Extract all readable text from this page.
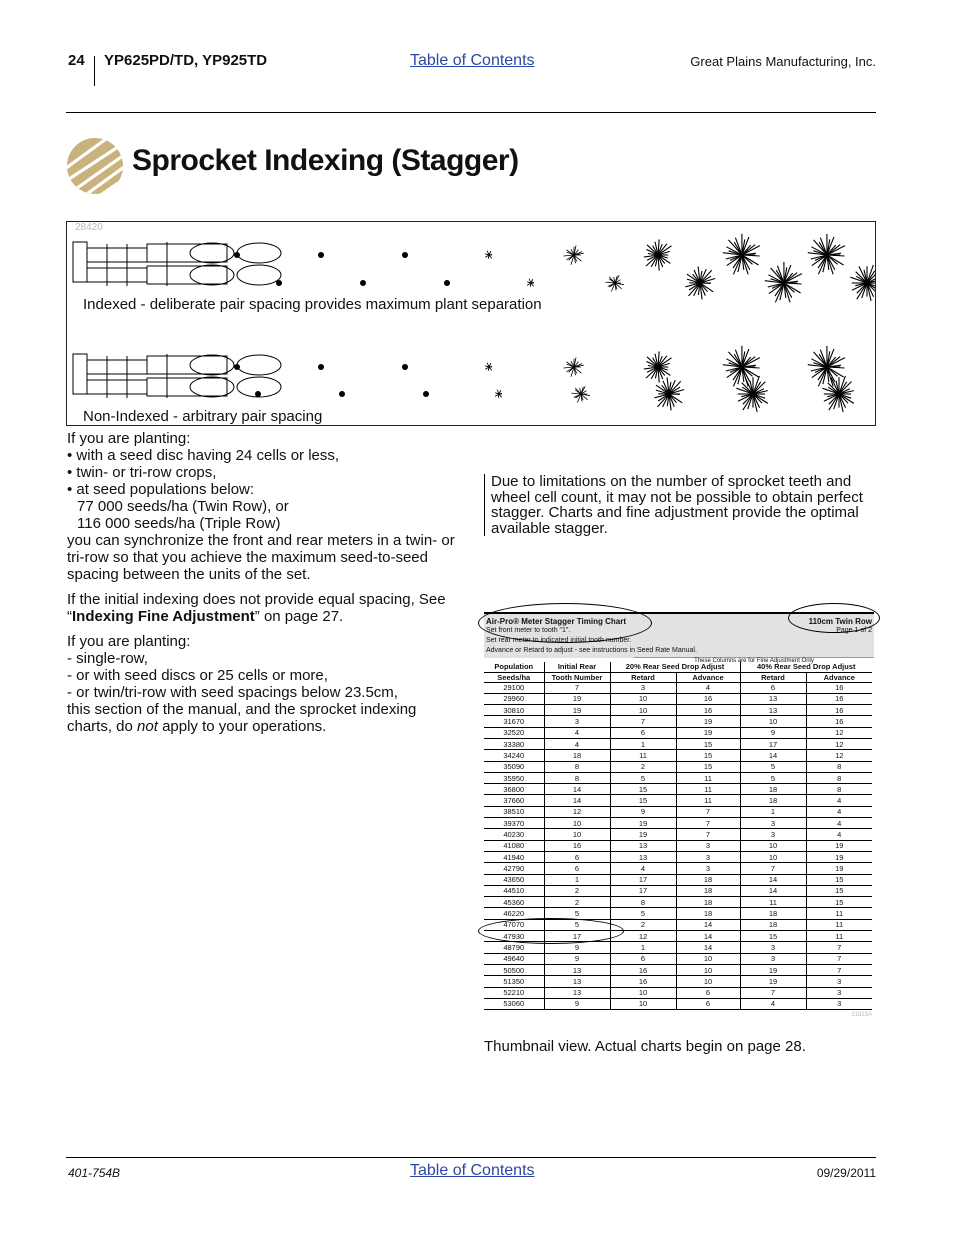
24 YP625PD/TD, YP925TD	Table of Contents	Great Plains Manufacturing, Inc.
Sprocket Indexing (Stagger)
28420
Indexed - deliberate pair spacing provides maximum plant separation
Non-Indexed - arbitrary pair spacing

If you are planting:
• with a seed disc having 24 cells or less,
• twin- or tri-row crops,
• at seed populations below:
77 000 seeds/ha (Twin Row), or
116 000 seeds/ha (Triple Row)
you can synchronize the front and rear meters in a twin- or tri-row so that you achieve the maximum seed-to-seed spacing between the units of the set.

If the initial indexing does not provide equal spacing, See “Indexing Fine Adjustment” on page 27.

If you are planting:
- single-row,
- or with seed discs or 25 cells or more,
- or twin/tri-row with seed spacings below 23.5cm,
this section of the manual, and the sprocket indexing
charts, do not apply to your operations.

Due to limitations on the number of sprocket teeth and wheel cell count, it may not be possible to obtain perfect stagger. Charts and fine adjustment provide the optimal available stagger.
Air-Pro® Meter Stagger Timing Chart	110cm Twin Row
Page 1 of 2
Set front meter to tooth "1".
Set rear meter to indicated initial tooth number.
Advance or Retard to adjust - see instructions in Seed Rate Manual.
These Columns are for Fine Adjustment Only
Population	Initial Rear	20% Rear Seed Drop Adjust		40% Rear Seed Drop Adjust	
Seeds/ha	Tooth Number	Retard	Advance	Retard	Advance
29100	7	3	4	6	16
29960	19	10	16	13	16
30810	19	10	16	13	16
31670	3	7	19	10	16
32520	4	6	19	9	12
33380	4	1	15	17	12
34240	18	11	15	14	12
35090	8	2	15	5	8
35950	8	5	11	5	8
36800	14	15	11	18	8
37660	14	15	11	18	4
38510	12	9	7	1	4
39370	10	19	7	3	4
40230	10	19	7	3	4
41080	16	13	3	10	19
41940	6	13	3	10	19
42790	6	4	3	7	19
43650	1	17	18	14	15
44510	2	17	18	14	15
45360	2	8	18	11	15
46220	5	5	18	18	11
47070	5	2	14	18	11
47930	17	12	14	15	11
48790	9	1	14	3	7
49640	9	6	10	3	7
50500	13	16	10	19	7
51350	13	16	10	19	3
52210	13	10	6	7	3
53060	9	10	6	4	3
31823A
Thumbnail view. Actual charts begin on page 28.
401-754B	Table of Contents	09/29/2011
